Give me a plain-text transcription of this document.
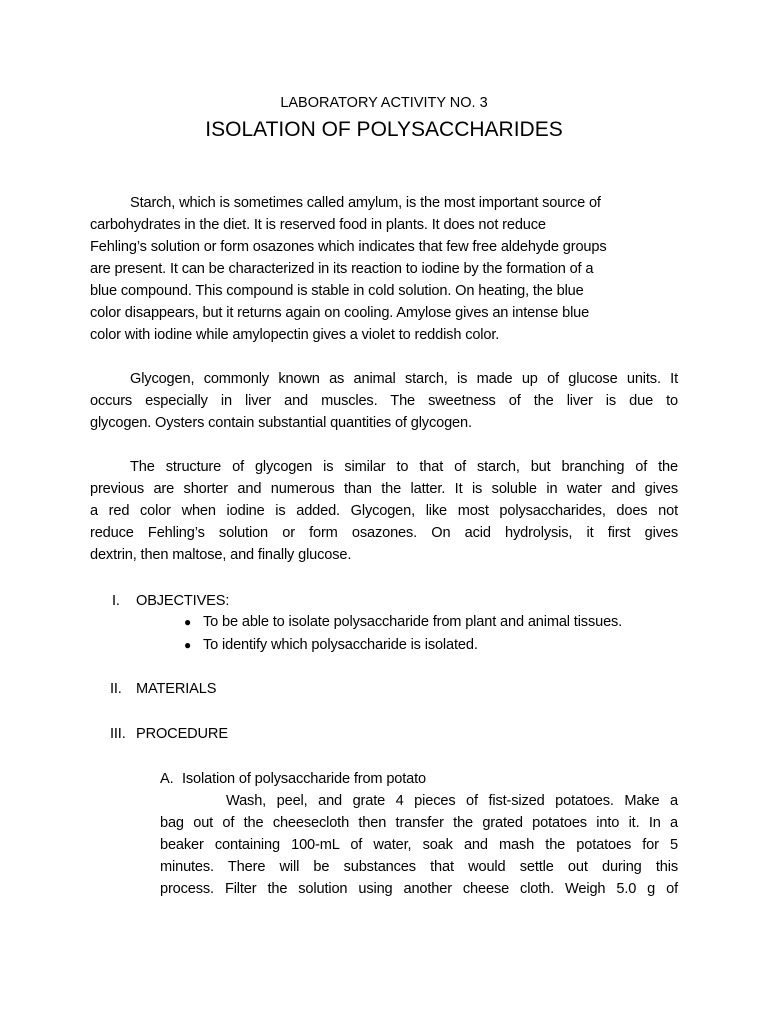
LABORATORY ACTIVITY NO. 3
ISOLATION OF POLYSACCHARIDES
Starch, which is sometimes called amylum, is the most important source of
carbohydrates in the diet. It is reserved food in plants. It does not reduce
Fehling’s solution or form osazones which indicates that few free aldehyde groups
are present. It can be characterized in its reaction to iodine by the formation of a
blue compound. This compound is stable in cold solution. On heating, the blue
color disappears, but it returns again on cooling. Amylose gives an intense blue
color with iodine while amylopectin gives a violet to reddish color.
Glycogen, commonly known as animal starch, is made up of glucose units. It
occurs especially in liver and muscles. The sweetness of the liver is due to
glycogen. Oysters contain substantial quantities of glycogen.
The structure of glycogen is similar to that of starch, but branching of the
previous are shorter and numerous than the latter. It is soluble in water and gives
a red color when iodine is added. Glycogen, like most polysaccharides, does not
reduce Fehling’s solution or form osazones. On acid hydrolysis, it first gives
dextrin, then maltose, and finally glucose.
I. OBJECTIVES:
● To be able to isolate polysaccharide from plant and animal tissues.
● To identify which polysaccharide is isolated.
II. MATERIALS
III. PROCEDURE
A. Isolation of polysaccharide from potato
Wash, peel, and grate 4 pieces of fist-sized potatoes. Make a
bag out of the cheesecloth then transfer the grated potatoes into it. In a
beaker containing 100-mL of water, soak and mash the potatoes for 5
minutes. There will be substances that would settle out during this
process. Filter the solution using another cheese cloth. Weigh 5.0 g of
